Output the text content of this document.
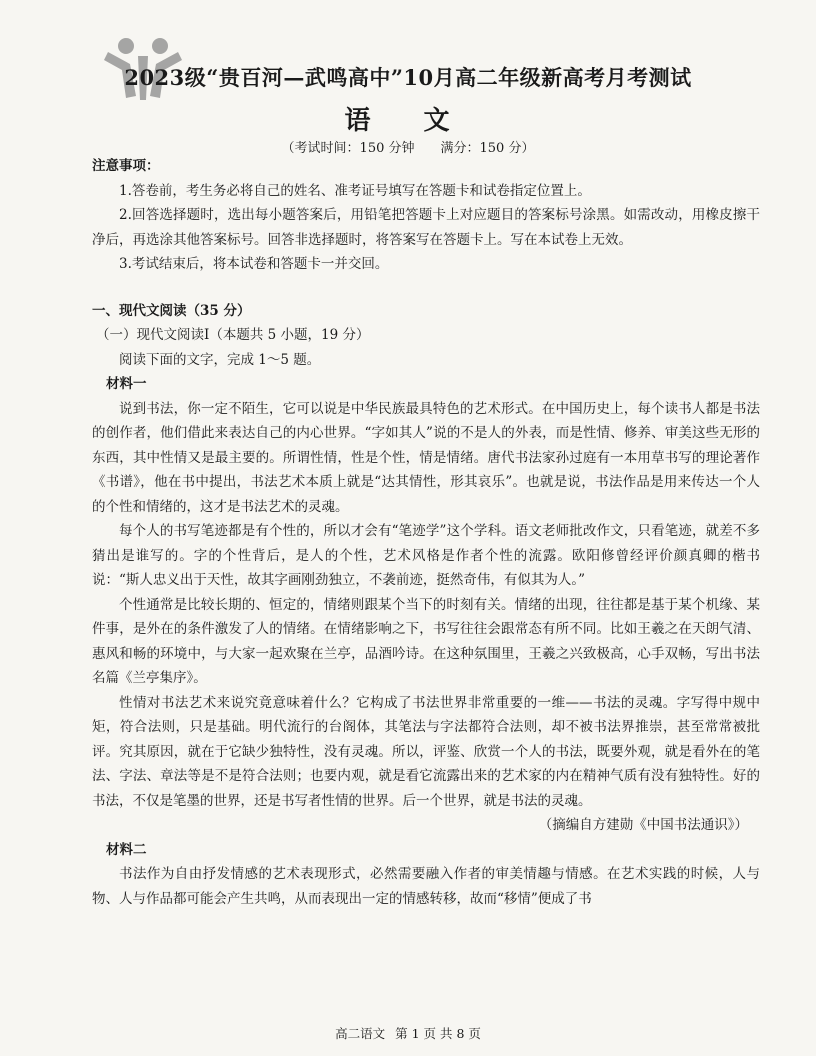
2023级“贵百河—武鸣高中”10月高二年级新高考月考测试
语 文
（考试时间：150 分钟　　满分：150 分）

注意事项：

1.答卷前，考生务必将自己的姓名、准考证号填写在答题卡和试卷指定位置上。

2.回答选择题时，选出每小题答案后，用铅笔把答题卡上对应题目的答案标号涂黑。如需改动，用橡皮擦干净后，再选涂其他答案标号。回答非选择题时，将答案写在答题卡上。写在本试卷上无效。

3.考试结束后，将本试卷和答题卡一并交回。

一、现代文阅读（35 分）

（一）现代文阅读Ⅰ（本题共 5 小题，19 分）

阅读下面的文字，完成 1～5 题。

材料一

说到书法，你一定不陌生，它可以说是中华民族最具特色的艺术形式。在中国历史上，每个读书人都是书法的创作者，他们借此来表达自己的内心世界。“字如其人”说的不是人的外表，而是性情、修养、审美这些无形的东西，其中性情又是最主要的。所谓性情，性是个性，情是情绪。唐代书法家孙过庭有一本用草书写的理论著作《书谱》，他在书中提出，书法艺术本质上就是“达其情性，形其哀乐”。也就是说，书法作品是用来传达一个人的个性和情绪的，这才是书法艺术的灵魂。

每个人的书写笔迹都是有个性的，所以才会有“笔迹学”这个学科。语文老师批改作文，只看笔迹，就差不多猜出是谁写的。字的个性背后，是人的个性，艺术风格是作者个性的流露。欧阳修曾经评价颜真卿的楷书说：“斯人忠义出于天性，故其字画刚劲独立，不袭前迹，挺然奇伟，有似其为人。”

个性通常是比较长期的、恒定的，情绪则跟某个当下的时刻有关。情绪的出现，往往都是基于某个机缘、某件事，是外在的条件激发了人的情绪。在情绪影响之下，书写往往会跟常态有所不同。比如王羲之在天朗气清、惠风和畅的环境中，与大家一起欢聚在兰亭，品酒吟诗。在这种氛围里，王羲之兴致极高，心手双畅，写出书法名篇《兰亭集序》。

性情对书法艺术来说究竟意味着什么？它构成了书法世界非常重要的一维——书法的灵魂。字写得中规中矩，符合法则，只是基础。明代流行的台阁体，其笔法与字法都符合法则，却不被书法界推崇，甚至常常被批评。究其原因，就在于它缺少独特性，没有灵魂。所以，评鉴、欣赏一个人的书法，既要外观，就是看外在的笔法、字法、章法等是不是符合法则；也要内观，就是看它流露出来的艺术家的内在精神气质有没有独特性。好的书法，不仅是笔墨的世界，还是书写者性情的世界。后一个世界，就是书法的灵魂。

（摘编自方建勋《中国书法通识》）

材料二

书法作为自由抒发情感的艺术表现形式，必然需要融入作者的审美情趣与情感。在艺术实践的时候，人与物、人与作品都可能会产生共鸣，从而表现出一定的情感转移，故而“移情”便成了书

高二语文 第 1 页 共 8 页
